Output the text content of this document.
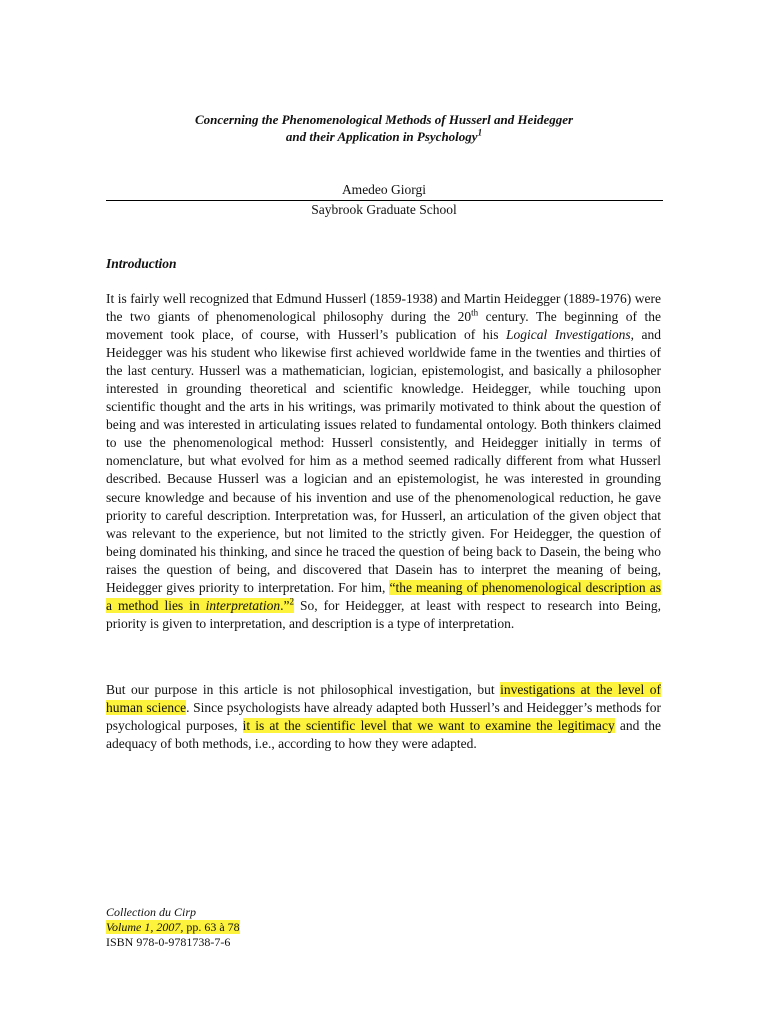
Concerning the Phenomenological Methods of Husserl and Heidegger
and their Application in Psychology$^1$
Amedeo Giorgi
Saybrook Graduate School
Introduction
It is fairly well recognized that Edmund Husserl (1859-1938) and Martin Heidegger (1889-1976) were the two giants of phenomenological philosophy during the 20th century. The beginning of the movement took place, of course, with Husserl’s publication of his Logical Investigations, and Heidegger was his student who likewise first achieved worldwide fame in the twenties and thirties of the last century. Husserl was a mathematician, logician, epistemologist, and basically a philosopher interested in grounding theoretical and scientific knowledge. Heidegger, while touching upon scientific thought and the arts in his writings, was primarily motivated to think about the question of being and was interested in articulating issues related to fundamental ontology. Both thinkers claimed to use the phenomenological method: Husserl consistently, and Heidegger initially in terms of nomenclature, but what evolved for him as a method seemed radically different from what Husserl described. Because Husserl was a logician and an epistemologist, he was interested in grounding secure knowledge and because of his invention and use of the phenomenological reduction, he gave priority to careful description. Interpretation was, for Husserl, an articulation of the given object that was relevant to the experience, but not limited to the strictly given. For Heidegger, the question of being dominated his thinking, and since he traced the question of being back to Dasein, the being who raises the question of being, and discovered that Dasein has to interpret the meaning of being, Heidegger gives priority to interpretation. For him, “the meaning of phenomenological description as a method lies in interpretation.”$^2$ So, for Heidegger, at least with respect to research into Being, priority is given to interpretation, and description is a type of interpretation.
But our purpose in this article is not philosophical investigation, but investigations at the level of human science. Since psychologists have already adapted both Husserl’s and Heidegger’s methods for psychological purposes, it is at the scientific level that we want to examine the legitimacy and the adequacy of both methods, i.e., according to how they were adapted.
Collection du Cirp
Volume 1, 2007, pp. 63 à 78
ISBN 978-0-9781738-7-6
